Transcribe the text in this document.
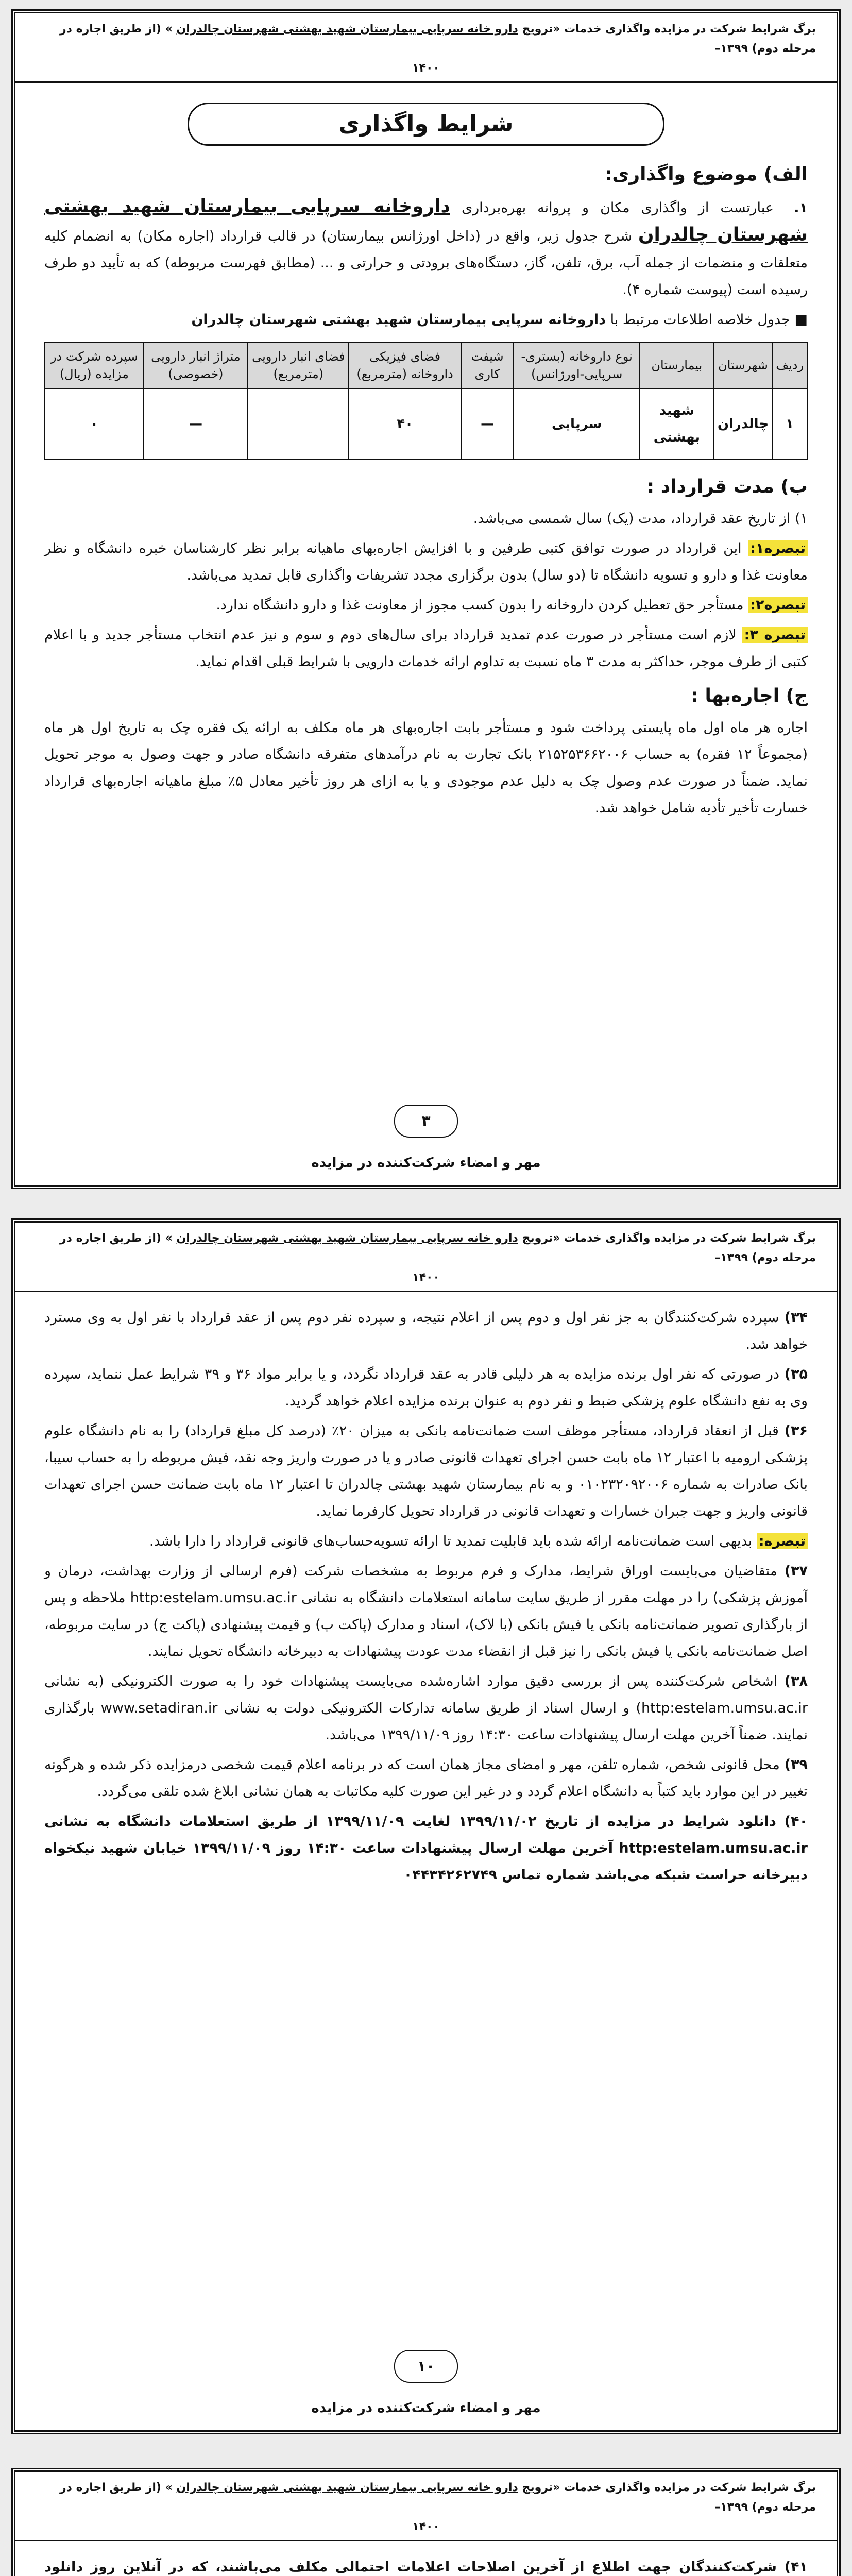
برگ شرایط شرکت در مزایده واگذاری خدمات «ترویج دارو خانه سرپایی بیمارستان شهید بهشتی شهرستان چالدران » (از طریق اجاره در مرحله دوم) ۱۳۹۹–
۱۴۰۰
شرایط واگذاری
الف) موضوع واگذاری:

۱. عبارتست از واگذاری مکان و پروانه بهره‌برداری داروخانه سرپایی بیمارستان شهید بهشتی شهرستان چالدران شرح جدول زیر، واقع در (داخل اورژانس بیمارستان) در قالب قرارداد (اجاره مکان) به انضمام کلیه متعلقات و منضمات از جمله آب، برق، تلفن، گاز، دستگاه‌های برودتی و حرارتی و ... (مطابق فهرست مربوطه) که به تأیید دو طرف رسیده است (پیوست شماره ۴).

■ جدول خلاصه اطلاعات مرتبط با داروخانه سرپایی بیمارستان شهید بهشتی شهرستان چالدران

ردیف	شهرستان	بیمارستان	نوع داروخانه (بستری-سرپایی-اورژانس)	شیفت کاری	فضای فیزیکی داروخانه (مترمربع)	فضای انبار دارویی (مترمربع)	متراژ انبار دارویی (خصوصی)	سپرده شرکت در مزایده (ریال)
۱	چالدران	شهید بهشتی	سرپایی	—	۴۰		—	۰
ب) مدت قرارداد :

۱) از تاریخ عقد قرارداد، مدت (یک) سال شمسی می‌باشد.

تبصره۱: این قرارداد در صورت توافق کتبی طرفین و با افزایش اجاره‌بهای ماهیانه برابر نظر کارشناسان خبره دانشگاه و نظر معاونت غذا و دارو و تسویه دانشگاه تا (دو سال) بدون برگزاری مجدد تشریفات واگذاری قابل تمدید می‌باشد.

تبصره۲: مستأجر حق تعطیل کردن داروخانه را بدون کسب مجوز از معاونت غذا و دارو دانشگاه ندارد.

تبصره ۳: لازم است مستأجر در صورت عدم تمدید قرارداد برای سال‌های دوم و سوم و نیز عدم انتخاب مستأجر جدید و با اعلام کتبی از طرف موجر، حداکثر به مدت ۳ ماه نسبت به تداوم ارائه خدمات دارویی با شرایط قبلی اقدام نماید.

ج) اجاره‌بها :

اجاره هر ماه اول ماه پایستی پرداخت شود و مستأجر بابت اجاره‌بهای هر ماه مکلف به ارائه یک فقره چک به تاریخ اول هر ماه (مجموعاً ۱۲ فقره) به حساب ۲۱۵۲۵۳۶۶۲۰۰۶ بانک تجارت به نام درآمدهای متفرقه دانشگاه صادر و جهت وصول به موجر تحویل نماید. ضمناً در صورت عدم وصول چک به دلیل عدم موجودی و یا به ازای هر روز تأخیر معادل ۵٪ مبلغ ماهیانه اجاره‌بهای قرارداد خسارت تأخیر تأدیه شامل خواهد شد.

۳
مهر و امضاء شرکت‌کننده در مزایده
برگ شرایط شرکت در مزایده واگذاری خدمات «ترویج دارو خانه سرپایی بیمارستان شهید بهشتی شهرستان چالدران » (از طریق اجاره در مرحله دوم) ۱۳۹۹–
۱۴۰۰

۳۴) سپرده شرکت‌کنندگان به جز نفر اول و دوم پس از اعلام نتیجه، و سپرده نفر دوم پس از عقد قرارداد با نفر اول به وی مسترد خواهد شد.

۳۵) در صورتی که نفر اول برنده مزایده به هر دلیلی قادر به عقد قرارداد نگردد، و یا برابر مواد ۳۶ و ۳۹ شرایط عمل ننماید، سپرده وی به نفع دانشگاه علوم پزشکی ضبط و نفر دوم به عنوان برنده مزایده اعلام خواهد گردید.

۳۶) قبل از انعقاد قرارداد، مستأجر موظف است ضمانت‌نامه بانکی به میزان ۲۰٪ (درصد کل مبلغ قرارداد) را به نام دانشگاه علوم پزشکی ارومیه با اعتبار ۱۲ ماه بابت حسن اجرای تعهدات قانونی صادر و یا در صورت واریز وجه نقد، فیش مربوطه را به حساب سیبا، بانک صادرات به شماره ۰۱۰۲۳۲۰۹۲۰۰۶ و به نام بیمارستان شهید بهشتی چالدران تا اعتبار ۱۲ ماه بابت ضمانت حسن اجرای تعهدات قانونی واریز و جهت جبران خسارات و تعهدات قانونی در قرارداد تحویل کارفرما نماید.

تبصره: بدیهی است ضمانت‌نامه ارائه شده باید قابلیت تمدید تا ارائه تسویه‌حساب‌های قانونی قرارداد را دارا باشد.

۳۷) متقاضیان می‌بایست اوراق شرایط، مدارک و فرم مربوط به مشخصات شرکت (فرم ارسالی از وزارت بهداشت، درمان و آموزش پزشکی) را در مهلت مقرر از طریق سایت سامانه استعلامات دانشگاه به نشانی http:estelam.umsu.ac.ir ملاحظه و پس از بارگذاری تصویر ضمانت‌نامه بانکی یا فیش بانکی (با لاک)، اسناد و مدارک (پاکت ب) و قیمت پیشنهادی (پاکت ج) در سایت مربوطه، اصل ضمانت‌نامه بانکی یا فیش بانکی را نیز قبل از انقضاء مدت عودت پیشنهادات به دبیرخانه دانشگاه تحویل نمایند.

۳۸) اشخاص شرکت‌کننده پس از بررسی دقیق موارد اشاره‌شده می‌بایست پیشنهادات خود را به صورت الکترونیکی (به نشانی http:estelam.umsu.ac.ir) و ارسال اسناد از طریق سامانه تدارکات الکترونیکی دولت به نشانی www.setadiran.ir بارگذاری نمایند. ضمناً آخرین مهلت ارسال پیشنهادات ساعت ۱۴:۳۰ روز ۱۳۹۹/۱۱/۰۹ می‌باشد.

۳۹) محل قانونی شخص، شماره تلفن، مهر و امضای مجاز همان است که در برنامه اعلام قیمت شخصی درمزایده ذکر شده و هرگونه تغییر در این موارد باید کتباً به دانشگاه اعلام گردد و در غیر این صورت کلیه مکاتبات به همان نشانی ابلاغ شده تلقی می‌گردد.

۴۰) دانلود شرایط در مزایده از تاریخ ۱۳۹۹/۱۱/۰۲ لغایت ۱۳۹۹/۱۱/۰۹ از طریق استعلامات دانشگاه به نشانی http:estelam.umsu.ac.ir آخرین مهلت ارسال پیشنهادات ساعت ۱۴:۳۰ روز ۱۳۹۹/۱۱/۰۹ خیابان شهید نیکخواه دبیرخانه حراست شبکه می‌باشد شماره تماس ۰۴۴۳۴۲۶۲۷۴۹

۱۰
مهر و امضاء شرکت‌کننده در مزایده
برگ شرایط شرکت در مزایده واگذاری خدمات «ترویج دارو خانه سرپایی بیمارستان شهید بهشتی شهرستان چالدران » (از طریق اجاره در مرحله دوم) ۱۳۹۹–
۱۴۰۰

۴۱) شرکت‌کنندگان جهت اطلاع از آخرین اصلاحات اعلامات احتمالی مکلف می‌باشند، که در آنلاین روز دانلود
